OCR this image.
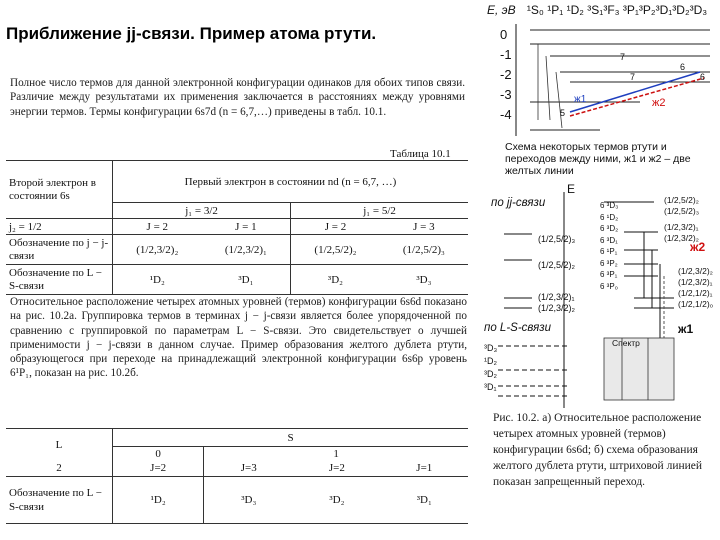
Приближение jj-связи. Пример атома ртути.
Полное число термов для данной электронной конфигурации одинаков для обоих типов связи. Различие между результатами их применения заключается в расстояниях между уровнями энергии термов. Термы конфигурации 6s7d (n = 6,7,…) приведены в табл. 10.1.
Таблица 10.1
Второй электрон в состоянии 6s	Первый электрон в состоянии nd (n = 6,7, …)			
	j₁ = 3/2		j₁ = 5/2	
j₂ = 1/2	J = 2	J = 1	J = 2	J = 3
Обозначение по j − j-связи	(1/2,3/2)₂	(1/2,3/2)₁	(1/2,5/2)₂	(1/2,5/2)₃
Обозначение по L − S-связи	¹D₂	³D₁	³D₂	³D₃
Относительное расположение четырех атомных уровней (термов) конфигурации 6s6d показано на рис. 10.2а. Группировка термов в терминах j − j-связи является более упорядоченной по сравнению с группировкой по параметрам L − S-связи. Это свидетельствует о лучшей применимости j − j-связи в данном случае. Пример образования желтого дублета ртути, образующегося при переходе на принадлежащий электронной конфигурации 6s6p уровень 6¹P₁, показан на рис. 10.2б.
L	S			
	0	1		
2	J=2	J=3	J=2	J=1
Обозначение по L − S-связи	¹D₂	³D₃	³D₂	³D₁
E, эВ ¹S₀ ¹P₁ ¹D₂ ³S₁³F₃ ³P₁³P₂³D₁³D₂³D₃
0
-1
-2
-3
-4
7
6
7	6
5
ж2
ж1
Схема некоторых термов ртути и переходов между ними, ж1 и ж2 – две желтых линии
E
по jj-связи
по L-S-связи
(1/2,5/2)₃
(1/2,5/2)₂
(1/2,3/2)₁
(1/2,3/2)₂
³D₃
¹D₂
³D₂
³D₁
(1/2,5/2)₂
(1/2,5/2)₃
(1/2,3/2)₁
(1/2,3/2)₂
(1/2,3/2)₂
(1/2,3/2)₁
(1/2,1/2)₁
(1/2,1/2)₀
6 ³D₃
6 ¹D₂
6 ³D₂
6 ³D₁
6 ¹P₁
6 ³P₂
6 ³P₁
6 ³P₀
Спектр
ж2
ж1
Рис. 10.2. а) Относительное расположение четырех атомных уровней (термов) конфигурации 6s6d; б) схема образования желтого дублета ртути, штриховой линией показан запрещенный переход.
